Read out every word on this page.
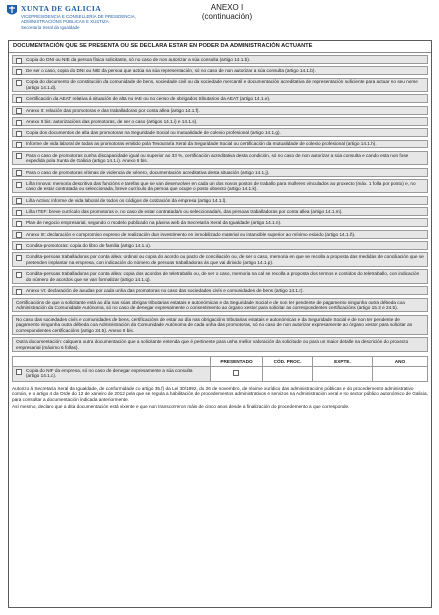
XUNTA DE GALICIA
VICEPRESIDENCIA E CONSELLERÍA DE PRESIDENCIA,
ADMINISTRACIÓNS PÚBLICAS E XUSTIZA
Secretaría Xeral da Igualdade
ANEXO I
(continuación)
DOCUMENTACIÓN QUE SE PRESENTA OU SE DECLARA ESTAR EN PODER DA ADMINISTRACIÓN ACTUANTE
Copia do DNI ou NIE da persoa física solicitante, só no caso de non autorizar a súa consulta (artigo 14.1.b).
De ser o caso, copia do DNI ou NIE da persoa que actúa na súa representación, só no caso de non autorizar a súa consulta (artigo 14.1.b).
Copia do documento de constitución da comunidade de bens, sociedade civil ou da sociedade mercantil e documentación acreditativa de representación suficiente para actuar no seu nome (artigo 14.1.d).
Certificación da AEAT relativa á situación de alta no IAE ou no censo de obrigados tributarios da AEAT (artigo 14.1.e).
Anexo II: relación das promotoras e das traballadoras por conta allea (artigo 14.1.f).
Anexo II bis: autorizacións das promotoras, de ser o caso (artigos 14.1.i) e 14.1.s).
Copia dos documentos de alta das promotoras na Seguridade Social ou mutualidade de colexio profesional (artigo 14.1.g).
Informe de vida laboral de todas as promotoras emitido pola Tesouraría Xeral da Seguridade Social ou certificación da mutualidade de colexio profesional (artigo 14.1.h).
Para o caso de promotoras cunha discapacidade igual ou superior ao 33 %, certificación acreditativa desta condición, só no caso de non autorizar a súa consulta e cando esta non fose expedida pola Xunta de Galicia (artigo 14.1.i). Anexo II bis.
Para o caso de promotoras vítimas de violencia de xénero, documentación acreditativa desta situación (artigo 14.1.j).
Liña Innova: memoria descritiva das funcións e tarefas que se van desenvolver en cada un dos novos postos de traballo para mulleres vinculados ao proxecto (máx. 1 folla por posto) e, no caso de estar contratada ou seleccionada, breve currículo da persoa que ocupe o posto obxecto (artigo 14.1.k).
Liña Activa: informe de vida laboral de todos os códigos de cotización da empresa (artigo 14.1.l).
Liña ITEF: breve currículo das promotoras e, no caso de estar contratada/s ou seleccionada/s, das persoas traballadoras por conta allea (artigo 14.1.m).
Plan de negocio empresarial, segundo o modelo publicado na páxina web da Secretaría Xeral da Igualdade (artigo 14.1.n).
Anexo III: declaración e compromiso expreso de realización dun investimento en inmobilizado material ou intanxible superior ao mínimo esixido (artigo 14.1.ñ).
Condita-promotoras: copia do libro de familia (artigo 14.1.o).
Condita-persoas traballadoras por conta allea: ordinal ou copia do acordo ou pacto de conciliación ou, de ser o caso, memoria en que se recolla a proposta das medidas de conciliación que se pretenden implantar na empresa, con indicación do número de persoas traballadoras ás que vai dirixido (artigo 14.1.p).
Condita-persoas traballadoras por conta allea: copia dos acordos de teletraballo ou, de ser o caso, memoria na cal se recolla a proposta dos termos e contidos do teletraballo, con indicación do número de acordos que se van formalizar (artigo 14.1.q).
Anexo VI: declaración de axudas por cada unha das promotoras no caso das sociedades civís e comunidades de bens (artigo 14.1.r).
Certificacións de que a solicitante está ao día nas súas obrigas tributarias estatais e autonómicas e da Seguridade Social e de non ter pendente de pagamento ningunha outra débeda coa Administración da Comunidade Autónoma, só no caso de denegar expresamente o consentimento ao órgano xestor para solicitar as correspondentes certificacións (artigo 15.3 e 24.5).
No caso das sociedades civís e comunidades de bens, certificacións de estar ao día nas obrigacións tributarias estatais e autonómicas e da Seguridade Social e de non ter pendente de pagamento ningunha outra débeda coa Administración da Comunidade Autónoma de cada unha das promotoras, só no caso de non autorizar expresamente ao órgano xestor para solicitar as correspondentes certificacións (artigo 24.5). Anexo II bis.
Outra documentación: calquera outra documentación que a solicitante entenda que é pertinente para unha mellor valoración da solicitude ou para un maior detalle na descrición do proxecto empresarial (máximo 6 follas).
PRESENTADO	CÓD. PROC.	EXPTE.	ANO
Copia do NIF da empresa, só no caso de denegar expresamente a súa consulta (artigo 14.1.c).

Autorizo á Secretaría Xeral da Igualdade, de conformidade co artigo 35.f) da Lei 30/1992, do 26 de novembro, de réxime xurídico das administracións públicas e do procedemento administrativo común, e o artigo 4 da Orde do 12 de xaneiro de 2012 pola que se regula a habilitación de procedementos administrativos e servizos na Administración xeral e no sector público autonómico de Galicia, para consultar a documentación indicada anteriormente.

Así mesmo, declaro que a dita documentación está vixente e que non transcorreron máis de cinco anos desde a finalización do procedemento a que corresponde.
